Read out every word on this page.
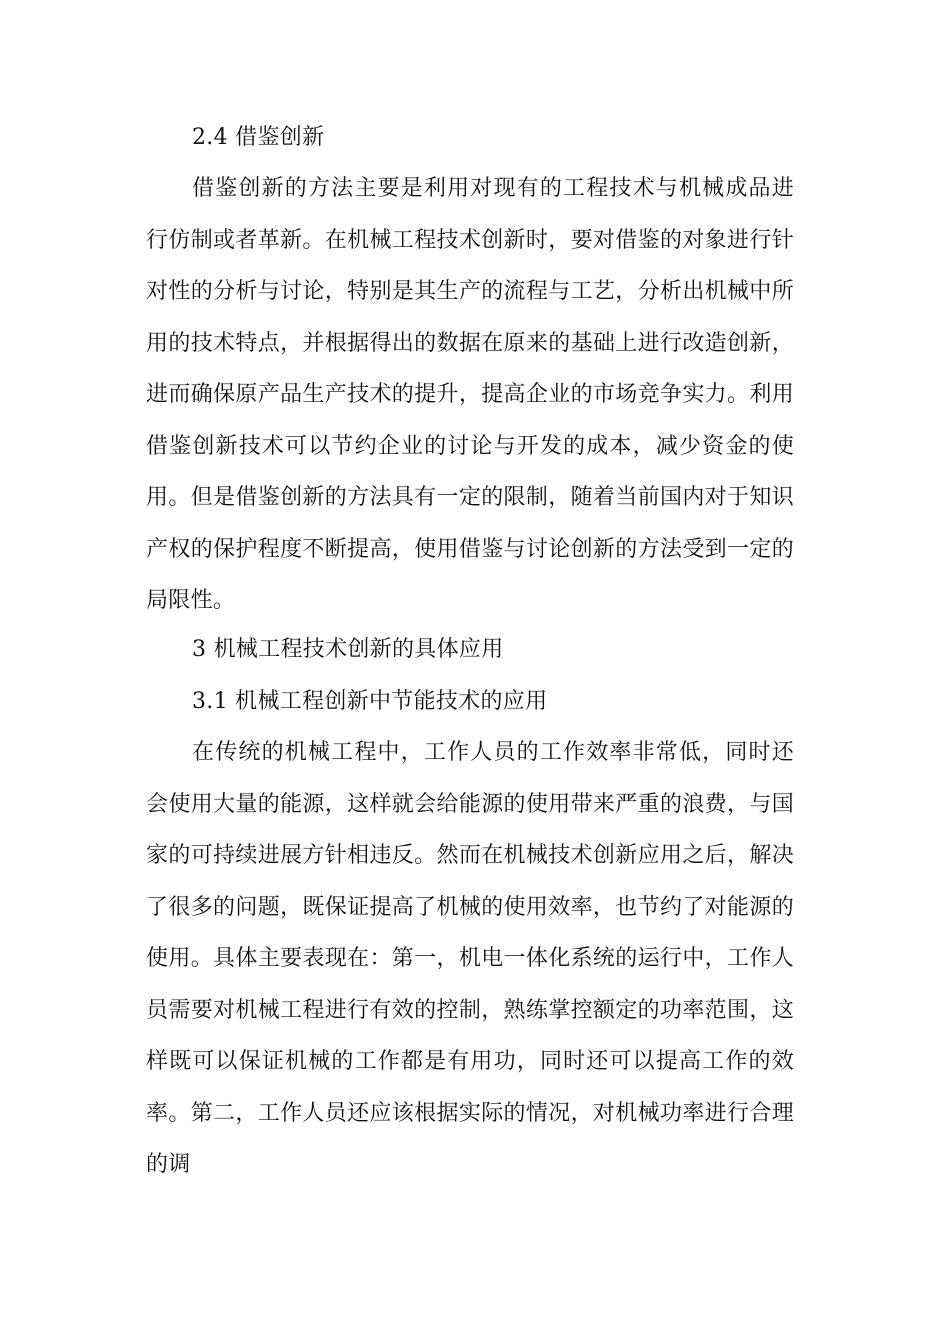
2.4 借鉴创新
借鉴创新的方法主要是利用对现有的工程技术与机械成品进行仿制或者革新。在机械工程技术创新时，要对借鉴的对象进行针对性的分析与讨论，特别是其生产的流程与工艺，分析出机械中所用的技术特点，并根据得出的数据在原来的基础上进行改造创新，进而确保原产品生产技术的提升，提高企业的市场竞争实力。利用借鉴创新技术可以节约企业的讨论与开发的成本，减少资金的使用。但是借鉴创新的方法具有一定的限制，随着当前国内对于知识产权的保护程度不断提高，使用借鉴与讨论创新的方法受到一定的局限性。
3 机械工程技术创新的具体应用
3.1 机械工程创新中节能技术的应用
在传统的机械工程中，工作人员的工作效率非常低，同时还会使用大量的能源，这样就会给能源的使用带来严重的浪费，与国家的可持续进展方针相违反。然而在机械技术创新应用之后，解决了很多的问题，既保证提高了机械的使用效率，也节约了对能源的使用。具体主要表现在：第一，机电一体化系统的运行中，工作人员需要对机械工程进行有效的控制，熟练掌控额定的功率范围，这样既可以保证机械的工作都是有用功，同时还可以提高工作的效率。第二，工作人员还应该根据实际的情况，对机械功率进行合理的调
